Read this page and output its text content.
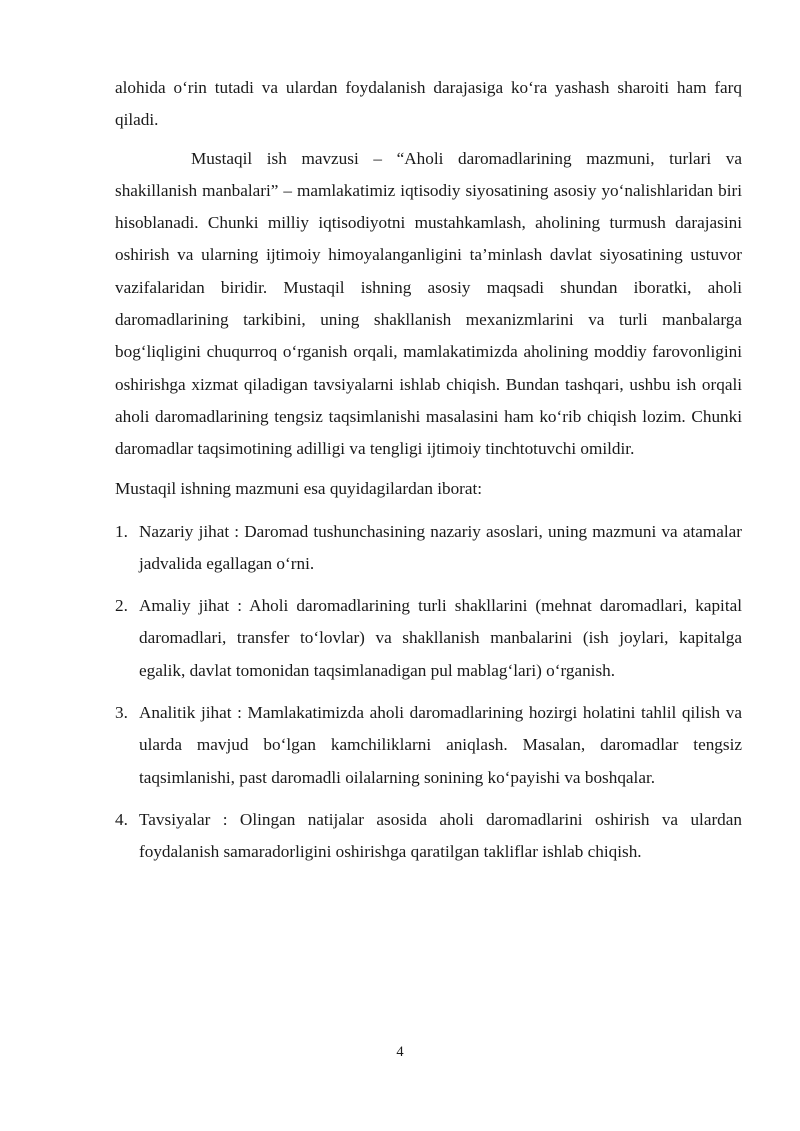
alohida o‘rin tutadi va ulardan foydalanish darajasiga ko‘ra yashash sharoiti ham farq qiladi.

Mustaqil ish mavzusi – “Aholi daromadlarining mazmuni, turlari va shakillanish manbalari” – mamlakatimiz iqtisodiy siyosatining asosiy yo‘nalishlaridan biri hisoblanadi. Chunki milliy iqtisodiyotni mustahkamlash, aholining turmush darajasini oshirish va ularning ijtimoiy himoyalanganligini ta’minlash davlat siyosatining ustuvor vazifalaridan biridir. Mustaqil ishning asosiy maqsadi shundan iboratki, aholi daromadlarining tarkibini, uning shakllanish mexanizmlarini va turli manbalarga bog‘liqligini chuqurroq o‘rganish orqali, mamlakatimizda aholining moddiy farovonligini oshirishga xizmat qiladigan tavsiyalarni ishlab chiqish. Bundan tashqari, ushbu ish orqali aholi daromadlarining tengsiz taqsimlanishi masalasini ham ko‘rib chiqish lozim. Chunki daromadlar taqsimotining adilligi va tengligi ijtimoiy tinchtotuvchi omildir.

Mustaqil ishning mazmuni esa quyidagilardan iborat:

1. Nazariy jihat : Daromad tushunchasining nazariy asoslari, uning mazmuni va atamalar jadvalida egallagan o‘rni.
2. Amaliy jihat : Aholi daromadlarining turli shakllarini (mehnat daromadlari, kapital daromadlari, transfer to‘lovlar) va shakllanish manbalarini (ish joylari, kapitalga egalik, davlat tomonidan taqsimlanadigan pul mablag‘lari) o‘rganish.
3. Analitik jihat : Mamlakatimizda aholi daromadlarining hozirgi holatini tahlil qilish va ularda mavjud bo‘lgan kamchiliklarni aniqlash. Masalan, daromadlar tengsiz taqsimlanishi, past daromadli oilalarning sonining ko‘payishi va boshqalar.
4. Tavsiyalar : Olingan natijalar asosida aholi daromadlarini oshirish va ulardan foydalanish samaradorligini oshirishga qaratilgan takliflar ishlab chiqish.
4
